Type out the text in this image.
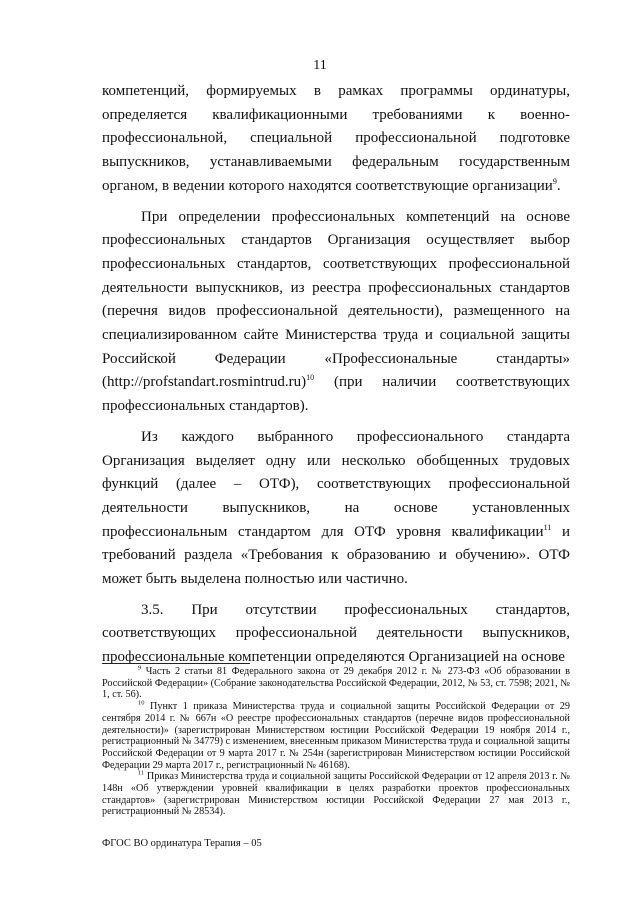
11

компетенций, формируемых в рамках программы ординатуры, определяется квалификационными требованиями к военно-профессиональной, специальной профессиональной подготовке выпускников, устанавливаемыми федеральным государственным органом, в ведении которого находятся соответствующие организации$^9$.

При определении профессиональных компетенций на основе профессиональных стандартов Организация осуществляет выбор профессиональных стандартов, соответствующих профессиональной деятельности выпускников, из реестра профессиональных стандартов (перечня видов профессиональной деятельности), размещенного на специализированном сайте Министерства труда и социальной защиты Российской Федерации «Профессиональные стандарты» (http://profstandart.rosmintrud.ru)$^{10}$ (при наличии соответствующих профессиональных стандартов).

Из каждого выбранного профессионального стандарта Организация выделяет одну или несколько обобщенных трудовых функций (далее – ОТФ), соответствующих профессиональной деятельности выпускников, на основе установленных профессиональным стандартом для ОТФ уровня квалификации$^{11}$ и требований раздела «Требования к образованию и обучению». ОТФ может быть выделена полностью или частично.

3.5. При отсутствии профессиональных стандартов, соответствующих профессиональной деятельности выпускников, профессиональные компетенции определяются Организацией на основе

$^9$ Часть 2 статьи 81 Федерального закона от 29 декабря 2012 г. № 273-ФЗ «Об образовании в Российской Федерации» (Собрание законодательства Российской Федерации, 2012, № 53, ст. 7598; 2021, № 1, ст. 56).

$^{10}$ Пункт 1 приказа Министерства труда и социальной защиты Российской Федерации от 29 сентября 2014 г. № 667н «О реестре профессиональных стандартов (перечне видов профессиональной деятельности)» (зарегистрирован Министерством юстиции Российской Федерации 19 ноября 2014 г., регистрационный № 34779) с изменением, внесенным приказом Министерства труда и социальной защиты Российской Федерации от 9 марта 2017 г. № 254н (зарегистрирован Министерством юстиции Российской Федерации 29 марта 2017 г., регистрационный № 46168).

$^{11}$ Приказ Министерства труда и социальной защиты Российской Федерации от 12 апреля 2013 г. № 148н «Об утверждении уровней квалификации в целях разработки проектов профессиональных стандартов» (зарегистрирован Министерством юстиции Российской Федерации 27 мая 2013 г., регистрационный № 28534).

ФГОС ВО ординатура Терапия – 05
